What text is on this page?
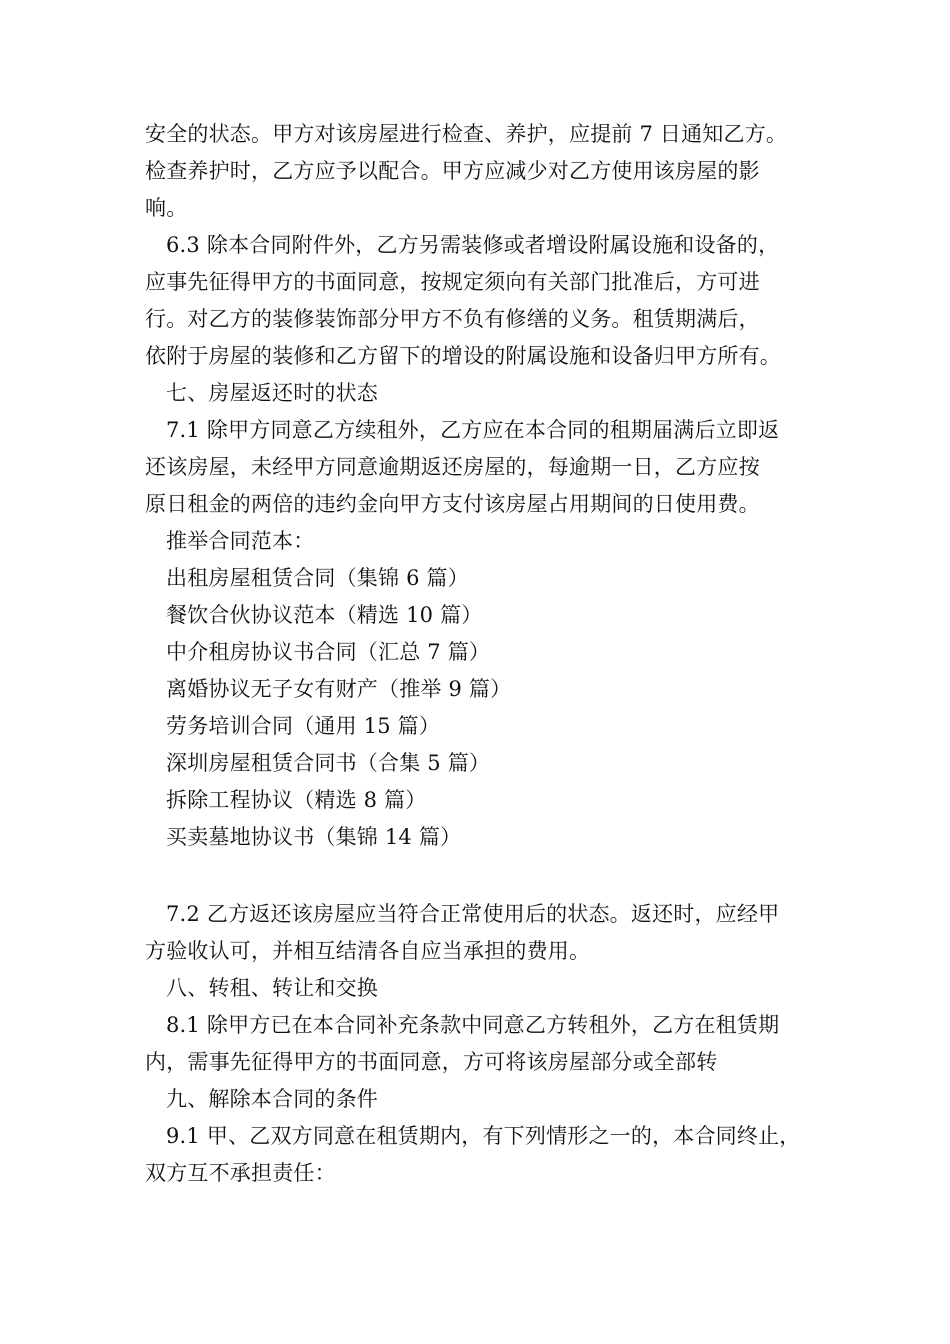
安全的状态。甲方对该房屋进行检查、养护，应提前 7 日通知乙方。
检查养护时，乙方应予以配合。甲方应减少对乙方使用该房屋的影
响。
6.3 除本合同附件外，乙方另需装修或者增设附属设施和设备的，
应事先征得甲方的书面同意，按规定须向有关部门批准后，方可进
行。对乙方的装修装饰部分甲方不负有修缮的义务。租赁期满后，
依附于房屋的装修和乙方留下的增设的附属设施和设备归甲方所有。
七、房屋返还时的状态
7.1 除甲方同意乙方续租外，乙方应在本合同的租期届满后立即返
还该房屋，未经甲方同意逾期返还房屋的，每逾期一日，乙方应按
原日租金的两倍的违约金向甲方支付该房屋占用期间的日使用费。
推举合同范本：
出租房屋租赁合同（集锦 6 篇）
餐饮合伙协议范本（精选 10 篇）
中介租房协议书合同（汇总 7 篇）
离婚协议无子女有财产（推举 9 篇）
劳务培训合同（通用 15 篇）
深圳房屋租赁合同书（合集 5 篇）
拆除工程协议（精选 8 篇）
买卖墓地协议书（集锦 14 篇）
7.2 乙方返还该房屋应当符合正常使用后的状态。返还时，应经甲
方验收认可，并相互结清各自应当承担的费用。
八、转租、转让和交换
8.1 除甲方已在本合同补充条款中同意乙方转租外，乙方在租赁期
内，需事先征得甲方的书面同意，方可将该房屋部分或全部转
九、解除本合同的条件
9.1 甲、乙双方同意在租赁期内，有下列情形之一的，本合同终止，
双方互不承担责任：
